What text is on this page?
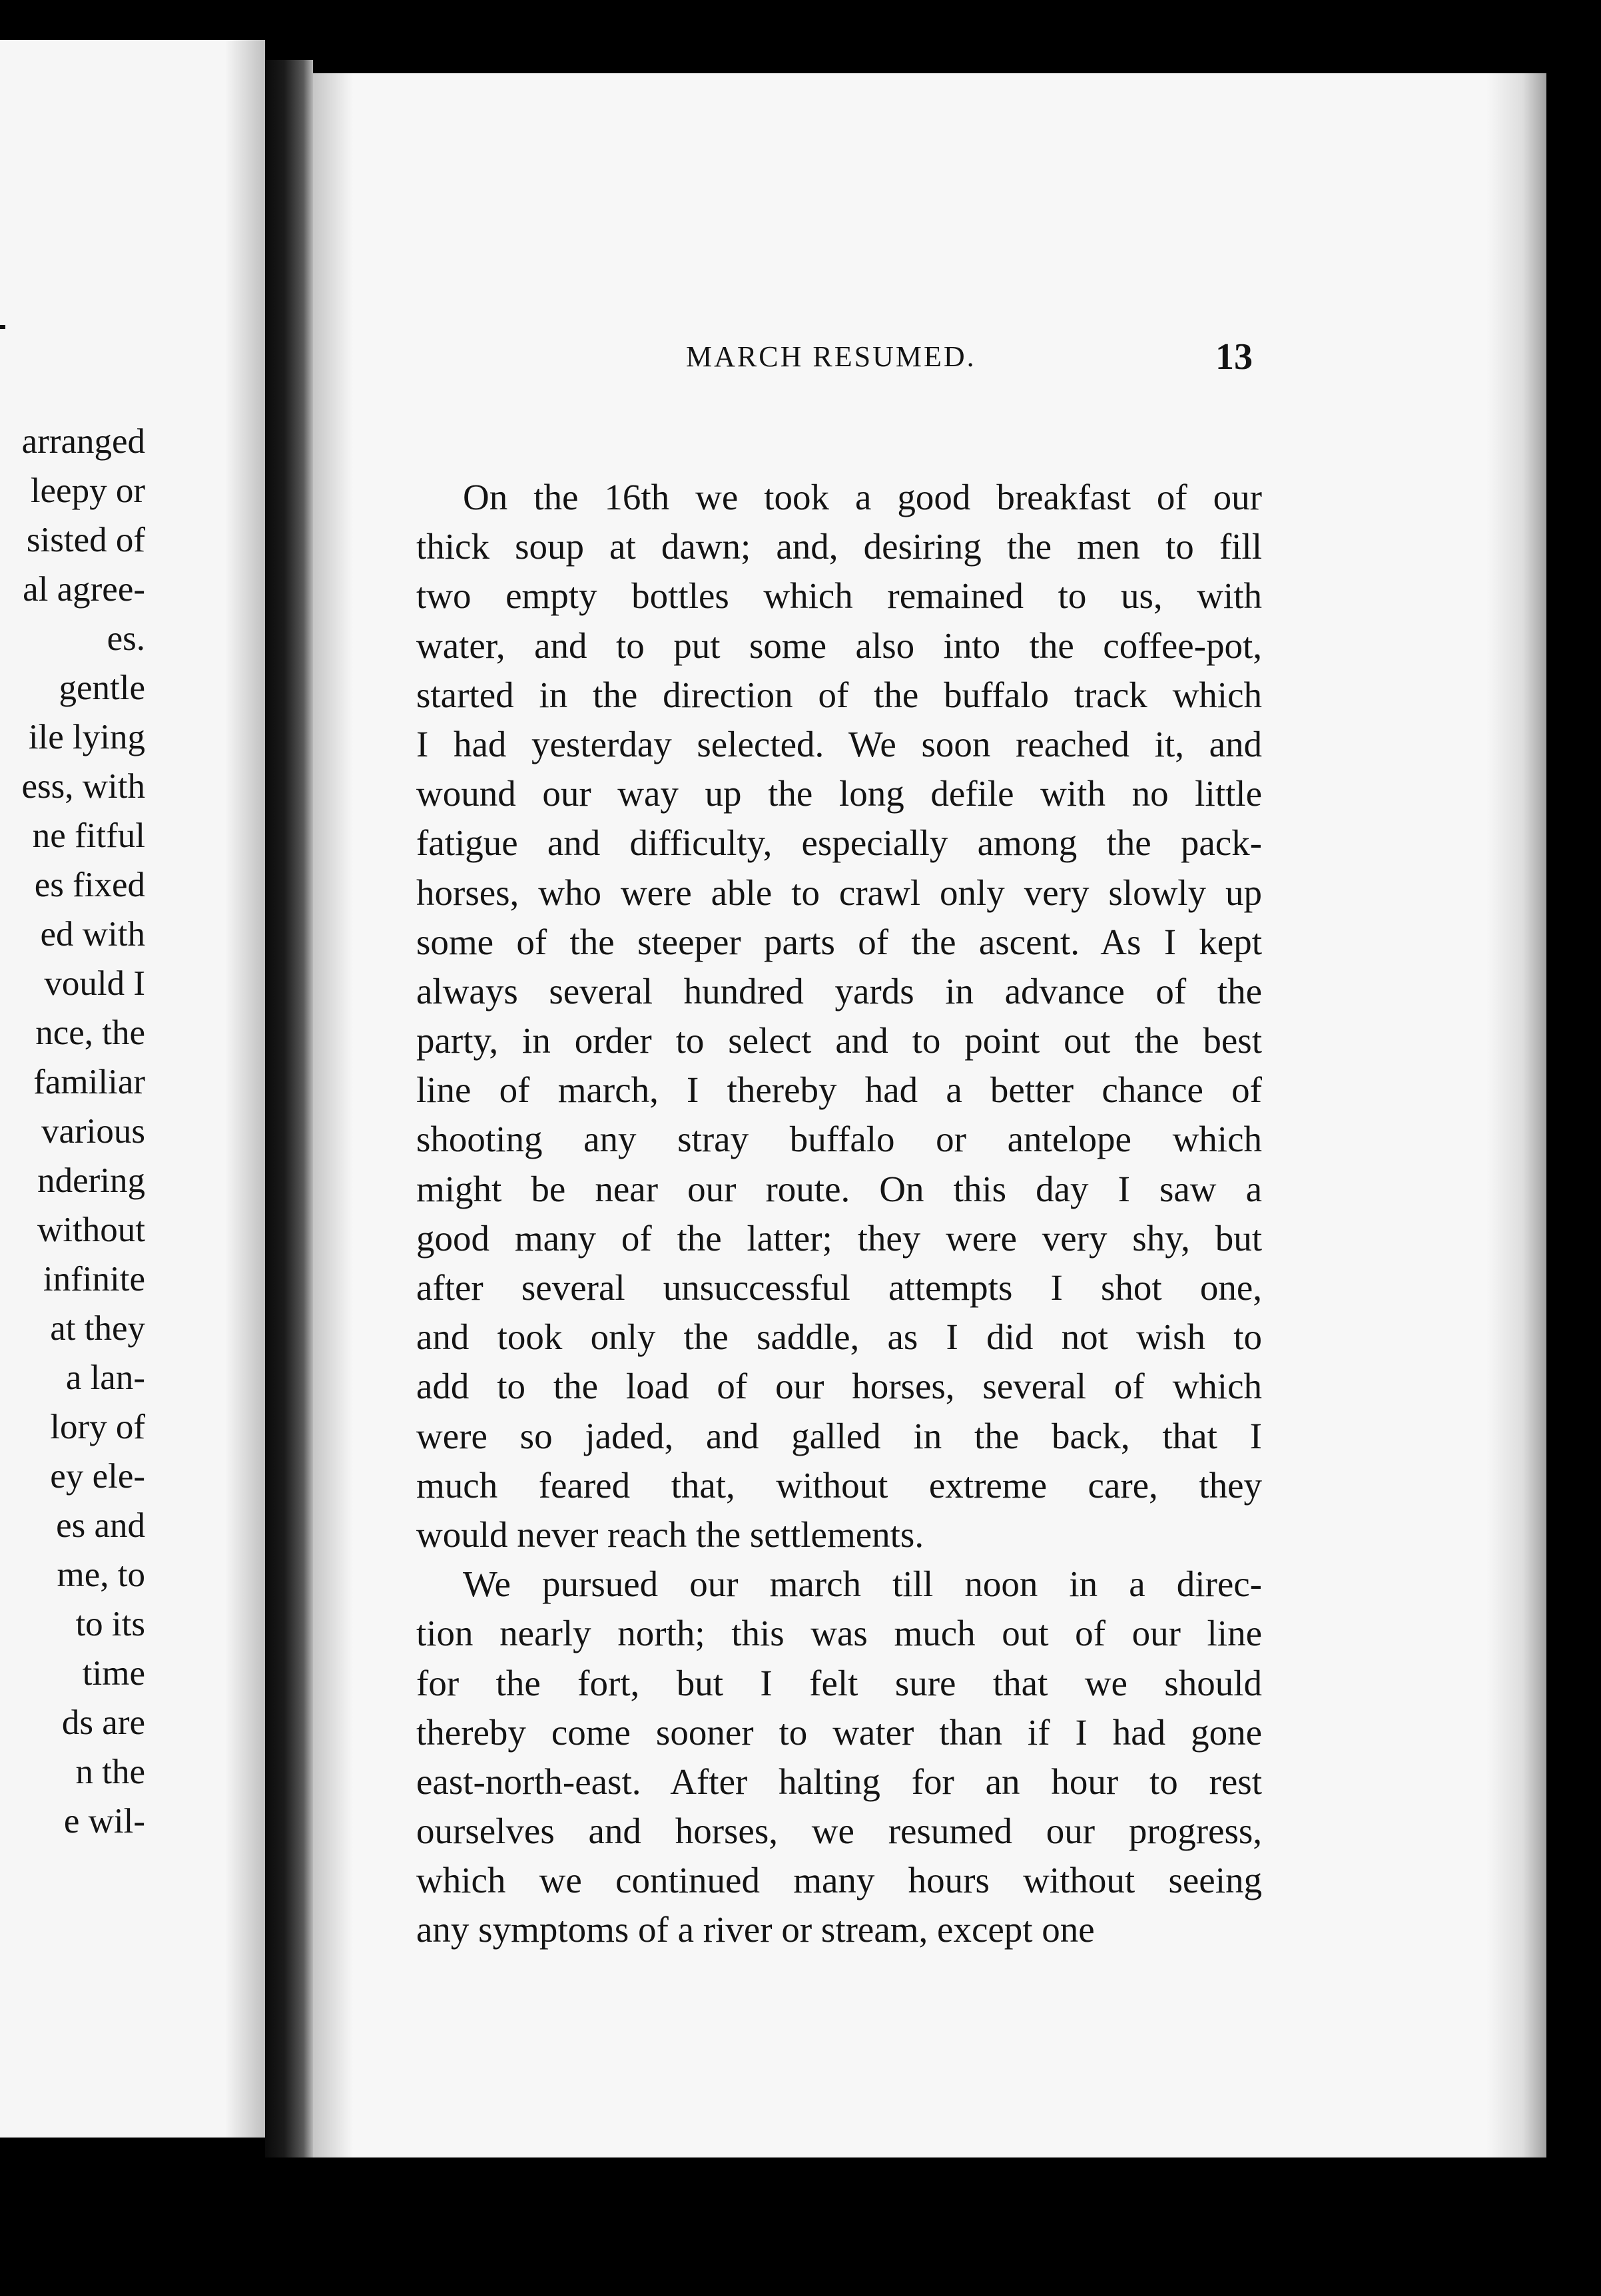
arranged
leepy or
sisted of
al agree-
es.
gentle
ile lying
ess, with
ne fitful
es fixed
ed with
vould I
nce, the
familiar
various
ndering
without
infinite
at they
a lan-
lory of
ey ele-
es and
me, to
to its
time
ds are
n the
e wil-
MARCH RESUMED.	13
On the 16th we took a good breakfast of our
thick soup at dawn; and, desiring the men to fill
two empty bottles which remained to us, with
water, and to put some also into the coffee-pot,
started in the direction of the buffalo track which
I had yesterday selected. We soon reached it, and
wound our way up the long defile with no little
fatigue and difficulty, especially among the pack-
horses, who were able to crawl only very slowly up
some of the steeper parts of the ascent. As I kept
always several hundred yards in advance of the
party, in order to select and to point out the best
line of march, I thereby had a better chance of
shooting any stray buffalo or antelope which
might be near our route. On this day I saw a
good many of the latter; they were very shy, but
after several unsuccessful attempts I shot one,
and took only the saddle, as I did not wish to
add to the load of our horses, several of which
were so jaded, and galled in the back, that I
much feared that, without extreme care, they
would never reach the settlements.
We pursued our march till noon in a direc-
tion nearly north; this was much out of our line
for the fort, but I felt sure that we should
thereby come sooner to water than if I had gone
east-north-east. After halting for an hour to rest
ourselves and horses, we resumed our progress,
which we continued many hours without seeing
any symptoms of a river or stream, except one
